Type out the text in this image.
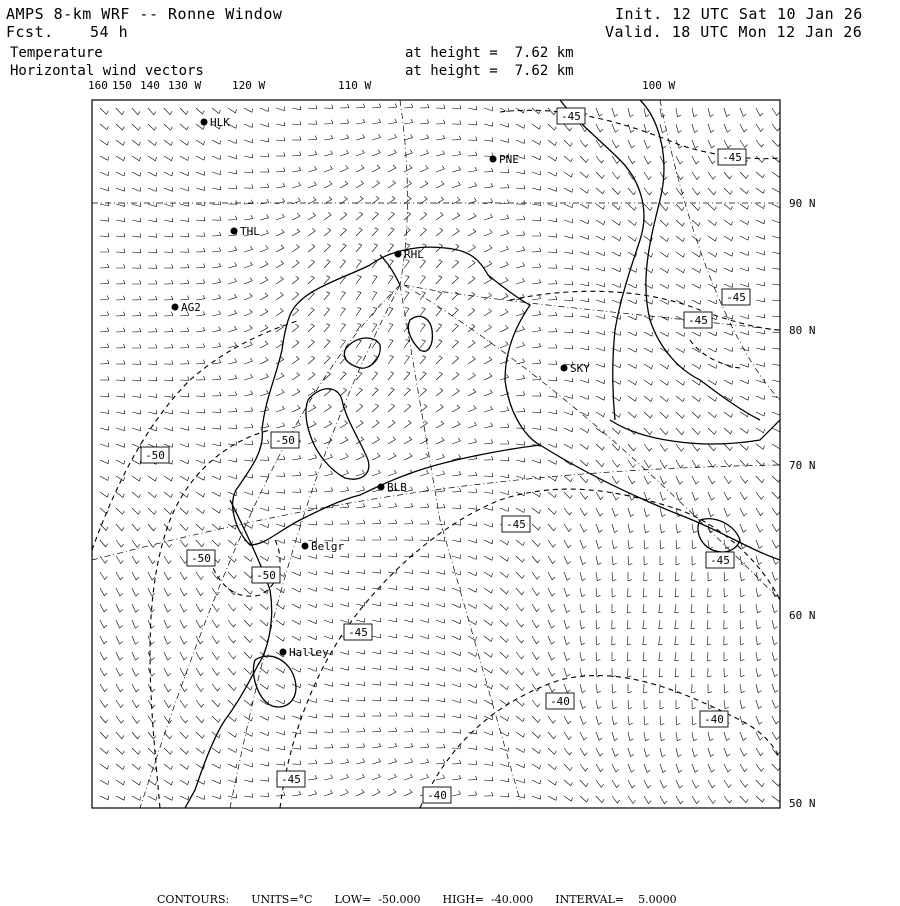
AMPS 8-km WRF -- Ronne Window
Fcst. 54 h
Init. 12 UTC Sat 10 Jan 26
Valid. 18 UTC Mon 12 Jan 26
Temperature
Horizontal wind vectors
at height =  7.62 km
at height =  7.62 km
160 150 140 130 W	120 W	110 W	100 W
90 N
80 N
70 N
60 N
50 N
HLK
PNE
THL
RHL
AG2
SKY
BLB
Belgr
Halley
-45
-45
-45
-45
-50
-50
-45
-50
-50
-45
-45
-40
-40
-45
-40

CONTOURS: UNITS=°C LOW=  -50.000 HIGH=  -40.000 INTERVAL=    5.0000
